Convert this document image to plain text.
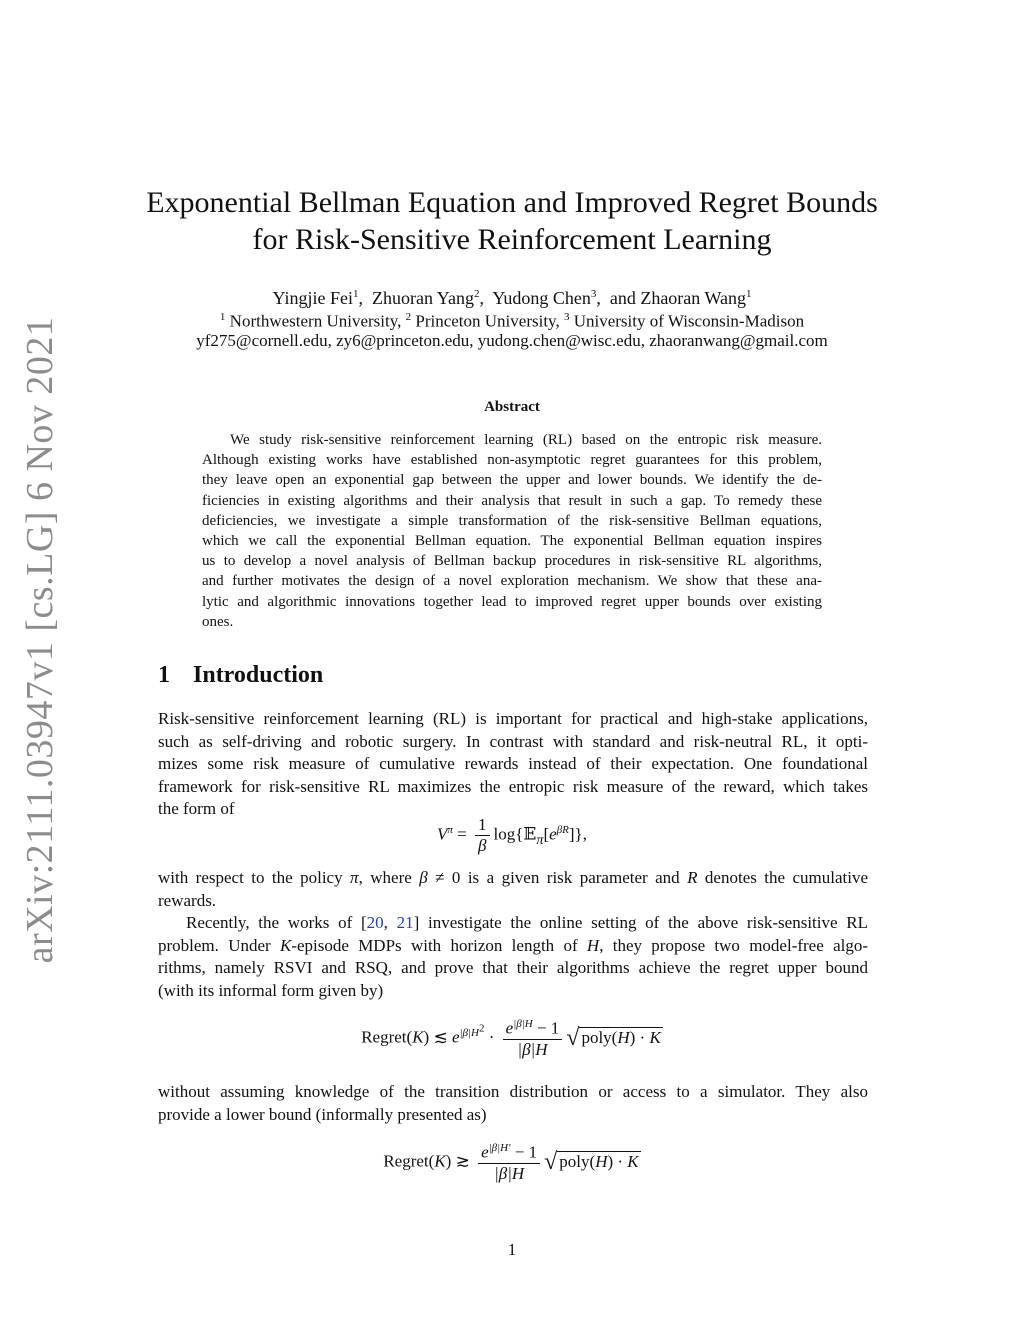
arXiv:2111.03947v1 [cs.LG] 6 Nov 2021
Exponential Bellman Equation and Improved Regret Bounds
for Risk-Sensitive Reinforcement Learning
Yingjie Fei$^1$,  Zhuoran Yang$^2$,  Yudong Chen$^3$,  and Zhaoran Wang$^1$
$^1$ Northwestern University, $^2$ Princeton University, $^3$ University of Wisconsin-Madison
yf275@cornell.edu, zy6@princeton.edu, yudong.chen@wisc.edu, zhaoranwang@gmail.com
Abstract
We study risk-sensitive reinforcement learning (RL) based on the entropic risk measure.
Although existing works have established non-asymptotic regret guarantees for this problem,
they leave open an exponential gap between the upper and lower bounds. We identify the de-
ficiencies in existing algorithms and their analysis that result in such a gap. To remedy these
deficiencies, we investigate a simple transformation of the risk-sensitive Bellman equations,
which we call the exponential Bellman equation. The exponential Bellman equation inspires
us to develop a novel analysis of Bellman backup procedures in risk-sensitive RL algorithms,
and further motivates the design of a novel exploration mechanism. We show that these ana-
lytic and algorithmic innovations together lead to improved regret upper bounds over existing
ones.
1 Introduction
Risk-sensitive reinforcement learning (RL) is important for practical and high-stake applications,
such as self-driving and robotic surgery. In contrast with standard and risk-neutral RL, it opti-
mizes some risk measure of cumulative rewards instead of their expectation. One foundational
framework for risk-sensitive RL maximizes the entropic risk measure of the reward, which takes
the form of
$V^\pi = \frac{1}{\beta}$ $\log\{𝔼_\pi[e^{\beta R}]\}$,
with respect to the policy π, where β ≠ 0 is a given risk parameter and R denotes the cumulative
rewards.
Recently, the works of [20, 21] investigate the online setting of the above risk-sensitive RL
problem. Under K-episode MDPs with horizon length of H, they propose two model-free algo-
rithms, namely RSVI and RSQ, and prove that their algorithms achieve the regret upper bound
(with its informal form given by)
Regret(K) ≲ $e^{|\beta|H^2} \cdot \frac{e^{|\beta|H} - 1}{|\beta|H}$ √ poly(H) · K
without assuming knowledge of the transition distribution or access to a simulator. They also
provide a lower bound (informally presented as)
Regret(K) ≳ $\frac{e^{|\beta|H'} - 1}{|\beta|H}$ √ poly(H) · K
1
